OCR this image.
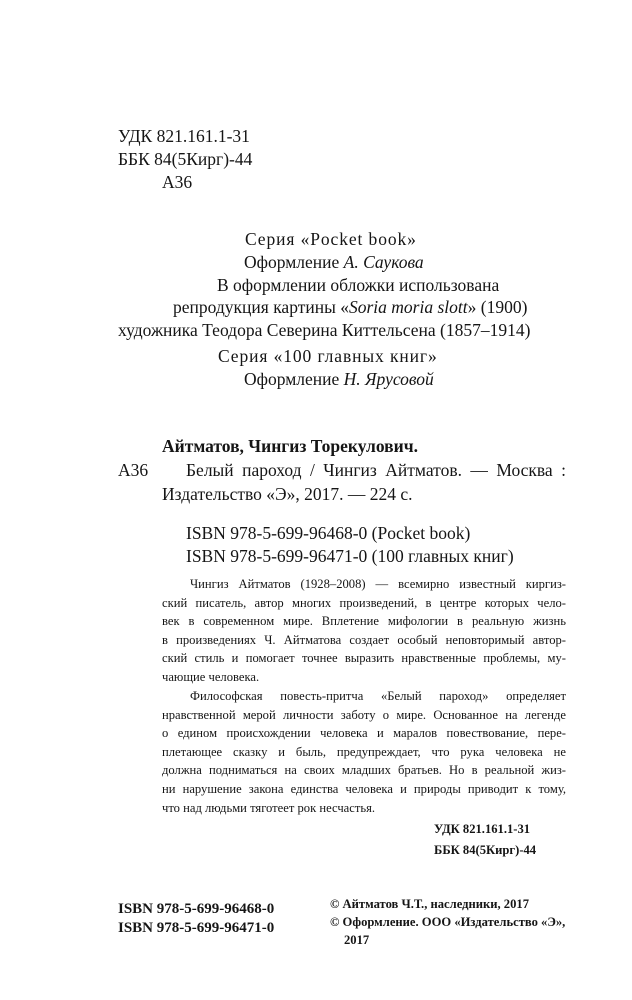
УДК 821.161.1-31
ББК 84(5Кирг)-44
А36
Серия «Pocket book»
Оформление А. Саукова
В оформлении обложки использована
репродукция картины «Soria moria slott» (1900)
художника Теодора Северина Киттельсена (1857–1914)
Серия «100 главных книг»
Оформление Н. Ярусовой
Айтматов, Чингиз Торекулович.
А36 Белый пароход / Чингиз Айтматов. — Москва :
Издательство «Э», 2017. — 224 с.
ISBN 978-5-699-96468-0 (Pocket book)
ISBN 978-5-699-96471-0 (100 главных книг)
Чингиз Айтматов (1928–2008) — всемирно известный киргиз-
ский писатель, автор многих произведений, в центре которых чело-
век в современном мире. Вплетение мифологии в реальную жизнь
в произведениях Ч. Айтматова создает особый неповторимый автор-
ский стиль и помогает точнее выразить нравственные проблемы, му-
чающие человека.
Философская повесть-притча «Белый пароход» определяет
нравственной мерой личности заботу о мире. Основанное на легенде
о едином происхождении человека и маралов повествование, пере-
плетающее сказку и быль, предупреждает, что рука человека не
должна подниматься на своих младших братьев. Но в реальной жиз-
ни нарушение закона единства человека и природы приводит к тому,
что над людьми тяготеет рок несчастья.
УДК 821.161.1-31
ББК 84(5Кирг)-44
ISBN 978-5-699-96468-0
ISBN 978-5-699-96471-0
© Айтматов Ч.Т., наследники, 2017
© Оформление. ООО «Издательство «Э»,
2017
